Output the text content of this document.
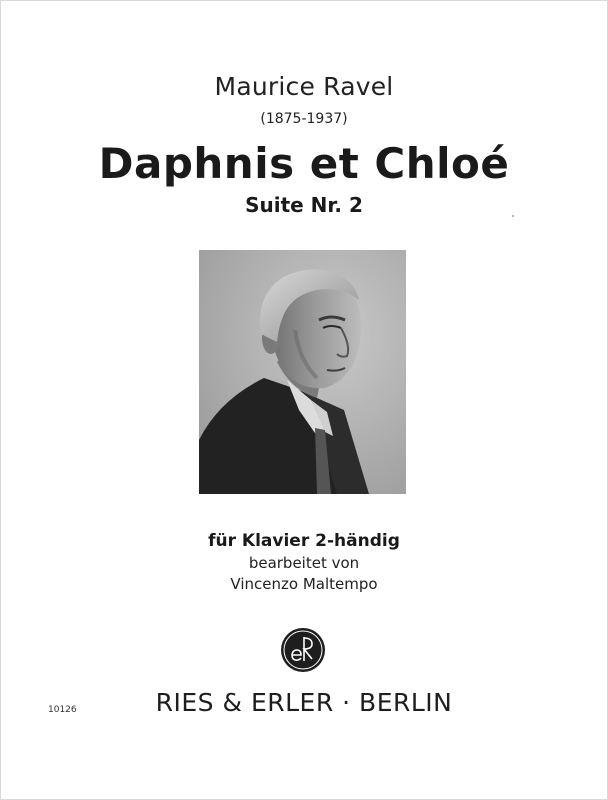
Maurice Ravel
(1875-1937)
Daphnis et Chloé
Suite Nr. 2
für Klavier 2-händig
bearbeitet von
Vincenzo Maltempo
10126	RIES & ERLER · BERLIN
